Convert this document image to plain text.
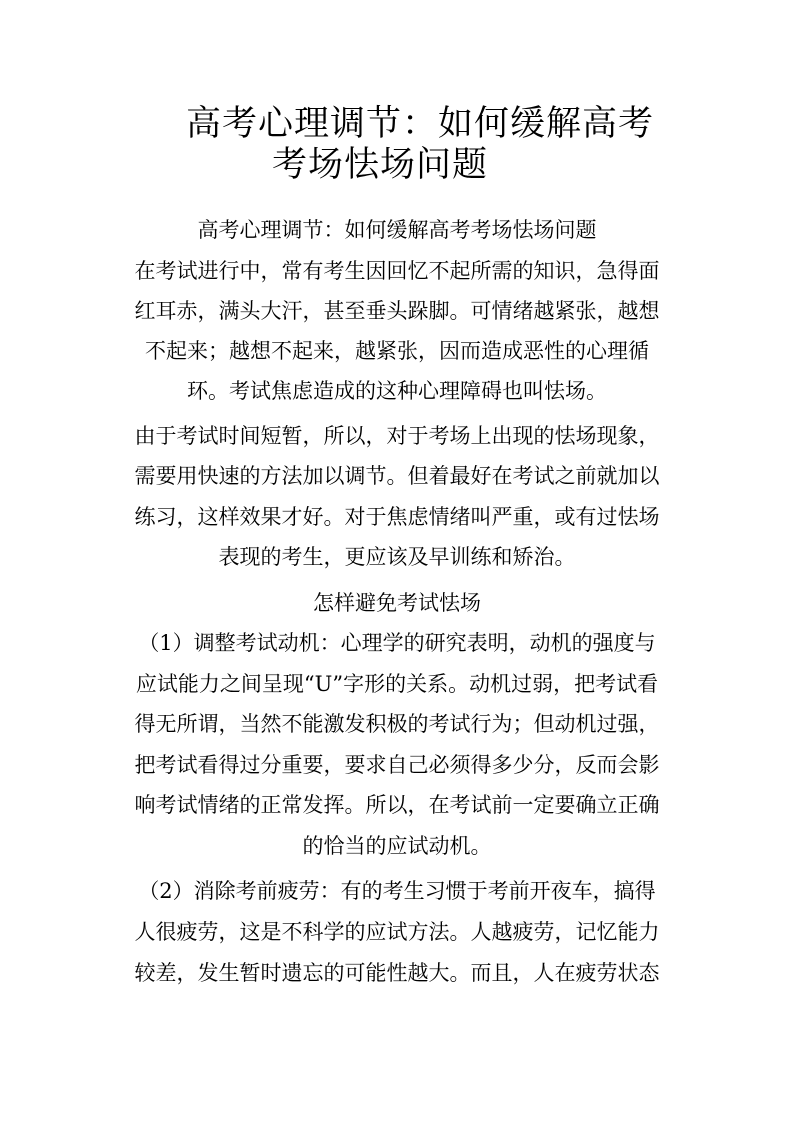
高考心理调节：如何缓解高考
考场怯场问题
高考心理调节：如何缓解高考考场怯场问题
在考试进行中，常有考生因回忆不起所需的知识，急得面
红耳赤，满头大汗，甚至垂头跺脚。可情绪越紧张，越想
不起来；越想不起来，越紧张，因而造成恶性的心理循
环。考试焦虑造成的这种心理障碍也叫怯场。
由于考试时间短暂，所以，对于考场上出现的怯场现象，
需要用快速的方法加以调节。但着最好在考试之前就加以
练习，这样效果才好。对于焦虑情绪叫严重，或有过怯场
表现的考生，更应该及早训练和矫治。
怎样避免考试怯场
（1）调整考试动机：心理学的研究表明，动机的强度与
应试能力之间呈现“U”字形的关系。动机过弱，把考试看
得无所谓，当然不能激发积极的考试行为；但动机过强，
把考试看得过分重要，要求自己必须得多少分，反而会影
响考试情绪的正常发挥。所以，在考试前一定要确立正确
的恰当的应试动机。
（2）消除考前疲劳：有的考生习惯于考前开夜车，搞得
人很疲劳，这是不科学的应试方法。人越疲劳，记忆能力
较差，发生暂时遗忘的可能性越大。而且，人在疲劳状态
